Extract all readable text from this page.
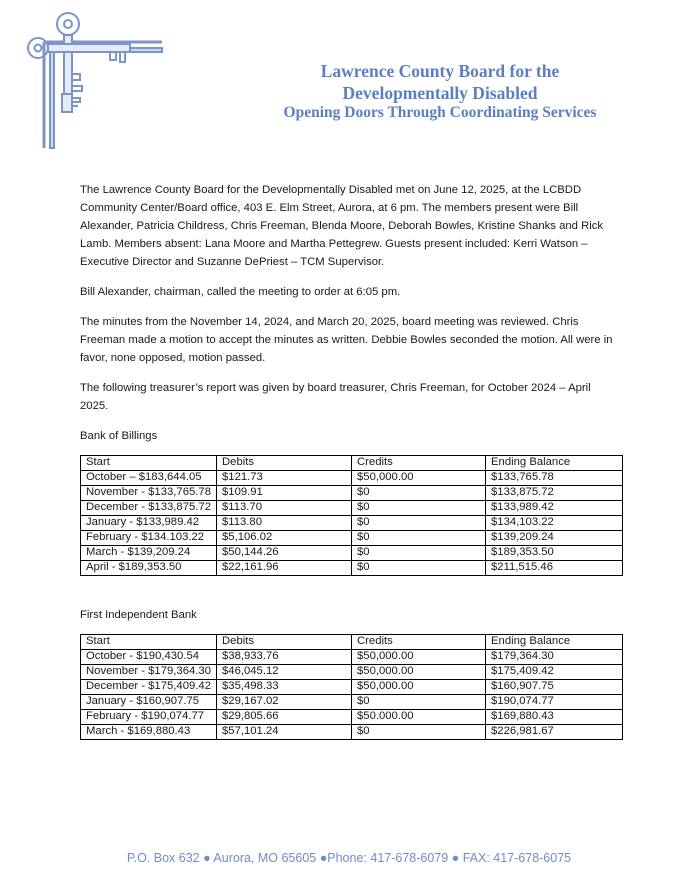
Lawrence County Board for the
Developmentally Disabled
Opening Doors Through Coordinating Services

The Lawrence County Board for the Developmentally Disabled met on June 12, 2025, at the LCBDD Community Center/Board office, 403 E. Elm Street, Aurora, at 6 pm. The members present were Bill Alexander, Patricia Childress, Chris Freeman, Blenda Moore, Deborah Bowles, Kristine Shanks and Rick Lamb. Members absent: Lana Moore and Martha Pettegrew. Guests present included: Kerri Watson – Executive Director and Suzanne DePriest – TCM Supervisor.

Bill Alexander, chairman, called the meeting to order at 6:05 pm.

The minutes from the November 14, 2024, and March 20, 2025, board meeting was reviewed. Chris Freeman made a motion to accept the minutes as written. Debbie Bowles seconded the motion. All were in favor, none opposed, motion passed.

The following treasurer’s report was given by board treasurer, Chris Freeman, for October 2024 – April 2025.

Bank of Billings
Start	Debits	Credits	Ending Balance
October – $183,644.05	$121.73	$50,000.00	$133,765.78
November - $133,765.78	$109.91	$0	$133,875.72
December - $133,875.72	$113.70	$0	$133,989.42
January - $133,989.42	$113.80	$0	$134,103.22
February - $134.103.22	$5,106.02	$0	$139,209.24
March - $139,209.24	$50,144.26	$0	$189,353.50
April - $189,353.50	$22,161.96	$0	$211,515.46
First Independent Bank
Start	Debits	Credits	Ending Balance
October - $190,430.54	$38,933.76	$50,000.00	$179,364.30
November - $179,364.30	$46,045.12	$50,000.00	$175,409.42
December - $175,409.42	$35,498.33	$50,000.00	$160,907.75
January - $160,907.75	$29,167.02	$0	$190,074.77
February - $190,074.77	$29,805.66	$50.000.00	$169,880.43
March - $169,880.43	$57,101.24	$0	$226,981.67
P.O. Box 632 ● Aurora, MO 65605 ●Phone: 417-678-6079 ● FAX: 417-678-6075
